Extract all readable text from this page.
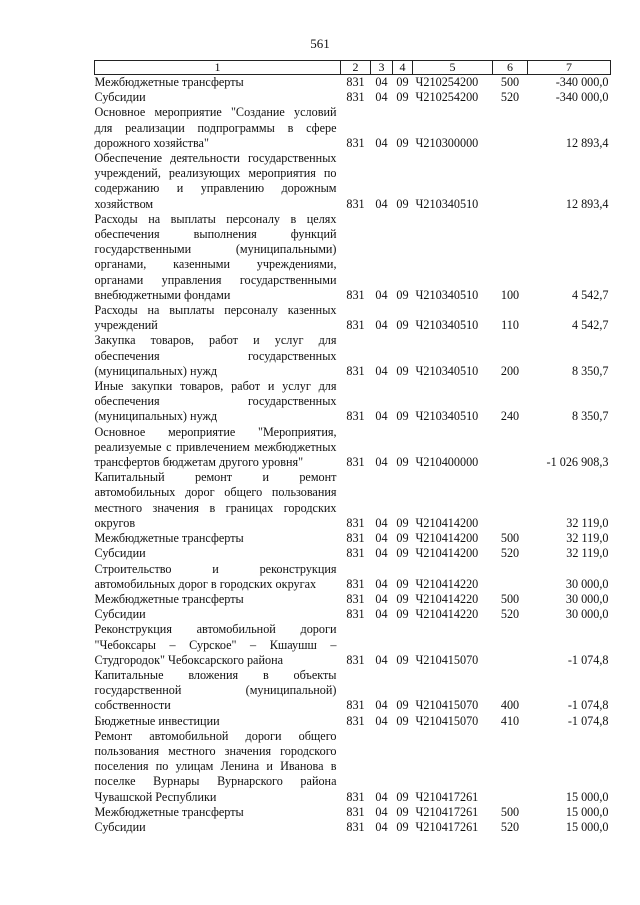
561
1	2	3	4	5	6	7
Межбюджетные трансферты	831	04	09	Ч210254200	500	-340 000,0
Субсидии	831	04	09	Ч210254200	520	-340 000,0
Основное мероприятие "Создание условий для реализации подпрограммы в сфере дорожного хозяйства"	831	04	09	Ч210300000		12 893,4
Обеспечение деятельности государственных учреждений, реализующих мероприятия по содержанию и управлению дорожным хозяйством	831	04	09	Ч210340510		12 893,4
Расходы на выплаты персоналу в целях обеспечения выполнения функций государственными (муниципальными) органами, казенными учреждениями, органами управления государственными внебюджетными фондами	831	04	09	Ч210340510	100	4 542,7
Расходы на выплаты персоналу казенных учреждений	831	04	09	Ч210340510	110	4 542,7
Закупка товаров, работ и услуг для обеспечения государственных (муниципальных) нужд	831	04	09	Ч210340510	200	8 350,7
Иные закупки товаров, работ и услуг для обеспечения государственных (муниципальных) нужд	831	04	09	Ч210340510	240	8 350,7
Основное мероприятие "Мероприятия, реализуемые с привлечением межбюджетных трансфертов бюджетам другого уровня"	831	04	09	Ч210400000		-1 026 908,3
Капитальный ремонт и ремонт автомобильных дорог общего пользования местного значения в границах городских округов	831	04	09	Ч210414200		32 119,0
Межбюджетные трансферты	831	04	09	Ч210414200	500	32 119,0
Субсидии	831	04	09	Ч210414200	520	32 119,0
Строительство и реконструкция автомобильных дорог в городских округах	831	04	09	Ч210414220		30 000,0
Межбюджетные трансферты	831	04	09	Ч210414220	500	30 000,0
Субсидии	831	04	09	Ч210414220	520	30 000,0
Реконструкция автомобильной дороги "Чебоксары – Сурское" – Кшаушш – Студгородок" Чебоксарского района	831	04	09	Ч210415070		-1 074,8
Капитальные вложения в объекты государственной (муниципальной) собственности	831	04	09	Ч210415070	400	-1 074,8
Бюджетные инвестиции	831	04	09	Ч210415070	410	-1 074,8
Ремонт автомобильной дороги общего пользования местного значения городского поселения по улицам Ленина и Иванова в поселке Вурнары Вурнарского района Чувашской Республики	831	04	09	Ч210417261		15 000,0
Межбюджетные трансферты	831	04	09	Ч210417261	500	15 000,0
Субсидии	831	04	09	Ч210417261	520	15 000,0
